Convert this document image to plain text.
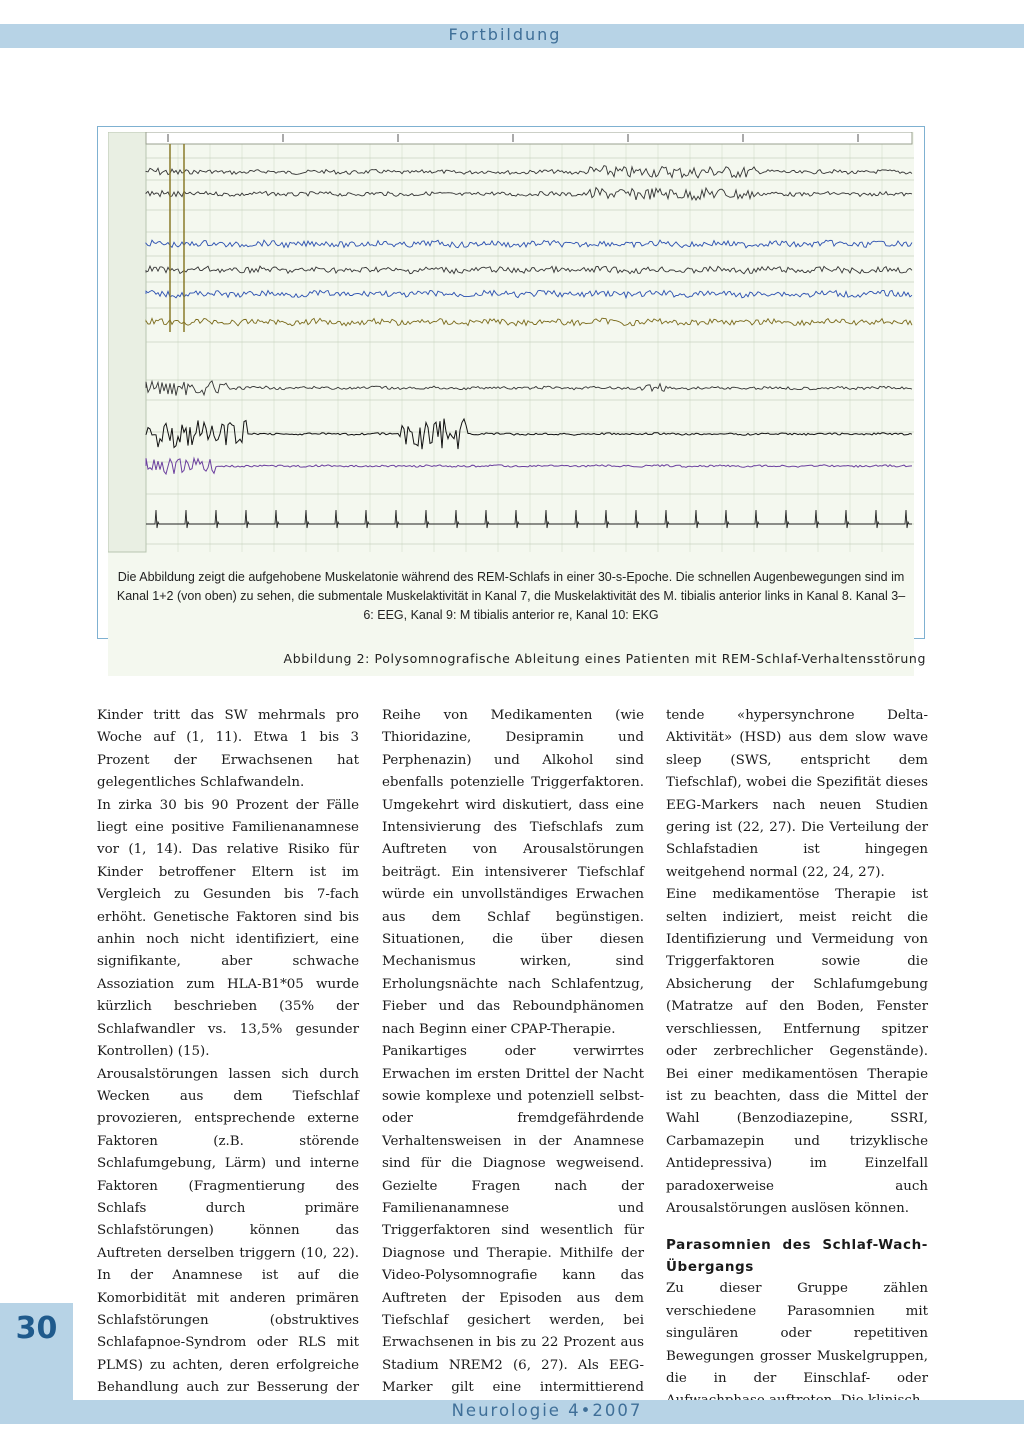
Fortbildung
Die Abbildung zeigt die aufgehobene Muskelatonie während des REM-Schlafs in einer 30-s-Epoche. Die schnellen Augenbewegungen sind im Kanal 1+2 (von oben) zu sehen, die submentale Muskelaktivität in Kanal 7, die Muskelaktivität des M. tibialis anterior links in Kanal 8. Kanal 3–6: EEG, Kanal 9: M tibialis anterior re, Kanal 10: EKG
Abbildung 2: Polysomnografische Ableitung eines Patienten mit REM-Schlaf-Verhaltensstörung

Kinder tritt das SW mehrmals pro Woche auf (1, 11). Etwa 1 bis 3 Prozent der Erwachsenen hat gelegentliches Schlafwandeln.

In zirka 30 bis 90 Prozent der Fälle liegt eine positive Familienanamnese vor (1, 14). Das relative Risiko für Kinder betroffener Eltern ist im Vergleich zu Gesunden bis 7-fach erhöht. Genetische Faktoren sind bis anhin noch nicht identifiziert, eine signifikante, aber schwache Assoziation zum HLA-B1*05 wurde kürzlich beschrieben (35% der Schlafwandler vs. 13,5% gesunder Kontrollen) (15).

Arousalstörungen lassen sich durch Wecken aus dem Tiefschlaf provozieren, entsprechende externe Faktoren (z.B. störende Schlafumgebung, Lärm) und interne Faktoren (Fragmentierung des Schlafs durch primäre Schlafstörungen) können das Auftreten derselben triggern (10, 22). In der Anamnese ist auf die Komorbidität mit anderen primären Schlafstörungen (obstruktives Schlafapnoe-Syndrom oder RLS mit PLMS) zu achten, deren erfolgreiche Behandlung auch zur Besserung der

Reihe von Medikamenten (wie Thioridazine, Desipramin und Perphenazin) und Alkohol sind ebenfalls potenzielle Triggerfaktoren. Umgekehrt wird diskutiert, dass eine Intensivierung des Tiefschlafs zum Auftreten von Arousalstörungen beiträgt. Ein intensiverer Tiefschlaf würde ein unvollständiges Erwachen aus dem Schlaf begünstigen. Situationen, die über diesen Mechanismus wirken, sind Erholungsnächte nach Schlafentzug, Fieber und das Reboundphänomen nach Beginn einer CPAP-Therapie.

Panikartiges oder verwirrtes Erwachen im ersten Drittel der Nacht sowie komplexe und potenziell selbst- oder fremdgefährdende Verhaltensweisen in der Anamnese sind für die Diagnose wegweisend. Gezielte Fragen nach der Familienanamnese und Triggerfaktoren sind wesentlich für Diagnose und Therapie. Mithilfe der Video-Polysomnografie kann das Auftreten der Episoden aus dem Tiefschlaf gesichert werden, bei Erwachsenen in bis zu 22 Prozent aus Stadium NREM2 (6, 27). Als EEG-Marker gilt eine intermittierend

tende «hypersynchrone Delta-Aktivität» (HSD) aus dem slow wave sleep (SWS, entspricht dem Tiefschlaf), wobei die Spezifität dieses EEG-Markers nach neuen Studien gering ist (22, 27). Die Verteilung der Schlafstadien ist hingegen weitgehend normal (22, 24, 27).

Eine medikamentöse Therapie ist selten indiziert, meist reicht die Identifizierung und Vermeidung von Triggerfaktoren sowie die Absicherung der Schlafumgebung (Matratze auf den Boden, Fenster verschliessen, Entfernung spitzer oder zerbrechlicher Gegenstände). Bei einer medikamentösen Therapie ist zu beachten, dass die Mittel der Wahl (Benzodiazepine, SSRI, Carbamazepin und trizyklische Antidepressiva) im Einzelfall paradoxerweise auch Arousalstörungen auslösen können.

Parasomnien des Schlaf-Wach-Übergangs

Zu dieser Gruppe zählen verschiedene Parasomnien mit singulären oder repetitiven Bewegungen grosser Muskelgruppen, die in der Einschlaf- oder

30
Neurologie 4•2007
